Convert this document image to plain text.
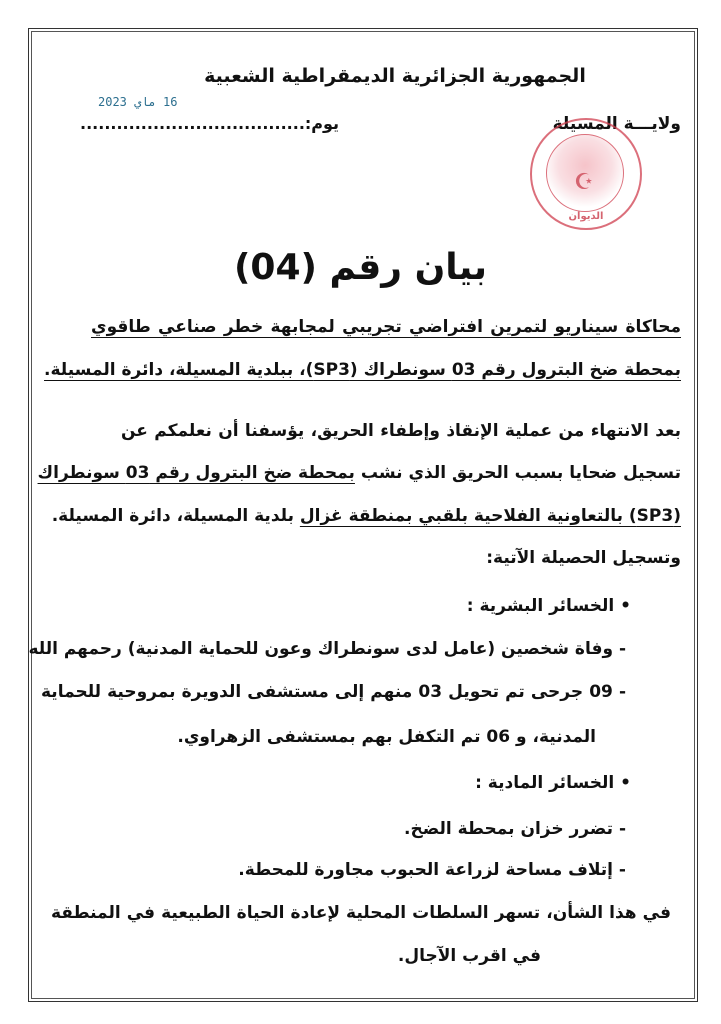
الجمهورية الجزائرية الديمقراطية الشعبية
16 ماي 2023
يوم:.....................................	ولايـــة المسيلة
☪
الديوان
بيان رقم (04)
محاكاة سيناريو لتمرين افتراضي تجريبي لمجابهة خطر صناعي طاقوي
بمحطة ضخ البترول رقم 03 سونطراك (SP3)، ببلدية المسيلة، دائرة المسيلة.
بعد الانتهاء من عملية الإنقاذ وإطفاء الحريق، يؤسفنا أن نعلمكم عن
تسجيل ضحايا بسبب الحريق الذي نشب بمحطة ضخ البترول رقم 03 سونطراك
(SP3) بالتعاونية الفلاحية بلقبي بمنطقة غزال بلدية المسيلة، دائرة المسيلة.
وتسجيل الحصيلة الآتية:
• الخسائر البشرية :
- وفاة شخصين (عامل لدى سونطراك وعون للحماية المدنية) رحمهم الله
- 09 جرحى تم تحويل 03 منهم إلى مستشفى الدويرة بمروحية للحماية
المدنية، و 06 تم التكفل بهم بمستشفى الزهراوي.
• الخسائر المادية :
- تضرر خزان بمحطة الضخ.
- إتلاف مساحة لزراعة الحبوب مجاورة للمحطة.
في هذا الشأن، تسهر السلطات المحلية لإعادة الحياة الطبيعية في المنطقة
في اقرب الآجال.
